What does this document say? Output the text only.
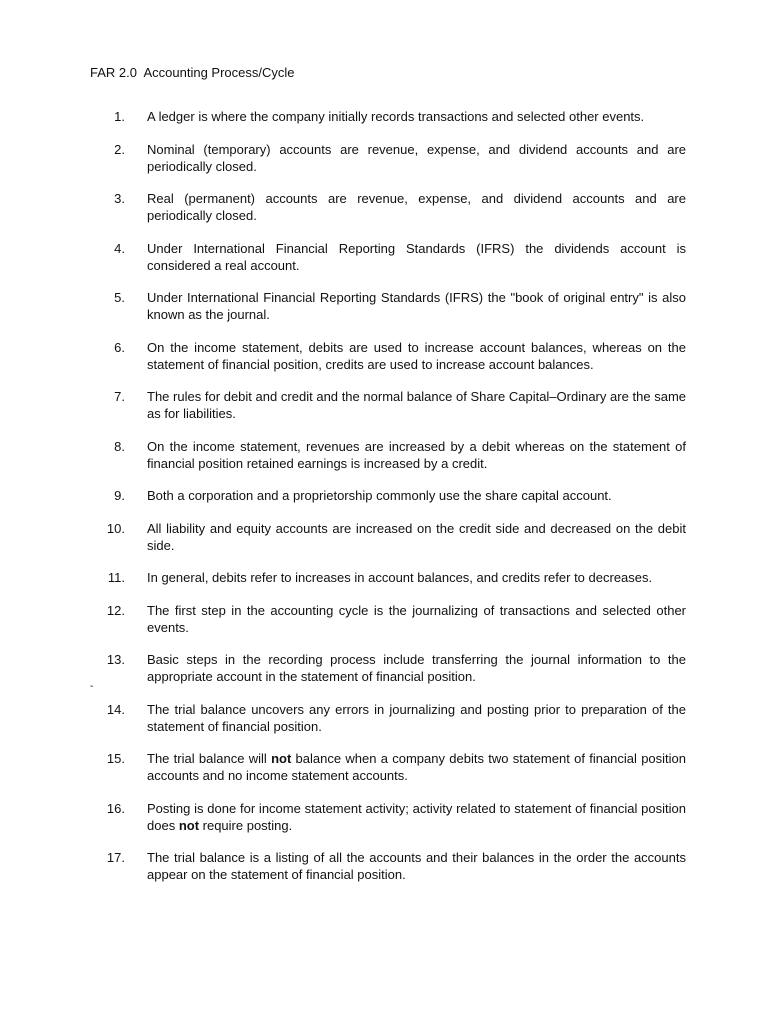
FAR 2.0  Accounting Process/Cycle
-
1. A ledger is where the company initially records transactions and selected other events.
2. Nominal (temporary) accounts are revenue, expense, and dividend accounts and are periodically closed.
3. Real (permanent) accounts are revenue, expense, and dividend accounts and are periodically closed.
4. Under International Financial Reporting Standards (IFRS) the dividends account is considered a real account.
5. Under International Financial Reporting Standards (IFRS) the "book of original entry" is also known as the journal.
6. On the income statement, debits are used to increase account balances, whereas on the statement of financial position, credits are used to increase account balances.
7. The rules for debit and credit and the normal balance of Share Capital–Ordinary are the same as for liabilities.
8. On the income statement, revenues are increased by a debit whereas on the statement of financial position retained earnings is increased by a credit.
9. Both a corporation and a proprietorship commonly use the share capital account.
10. All liability and equity accounts are increased on the credit side and decreased on the debit side.
11. In general, debits refer to increases in account balances, and credits refer to decreases.
12. The first step in the accounting cycle is the journalizing of transactions and selected other events.
13. Basic steps in the recording process include transferring the journal information to the appropriate account in the statement of financial position.
14. The trial balance uncovers any errors in journalizing and posting prior to preparation of the statement of financial position.
15. The trial balance will not balance when a company debits two statement of financial position accounts and no income statement accounts.
16. Posting is done for income statement activity; activity related to statement of financial position does not require posting.
17. The trial balance is a listing of all the accounts and their balances in the order the accounts appear on the statement of financial position.
